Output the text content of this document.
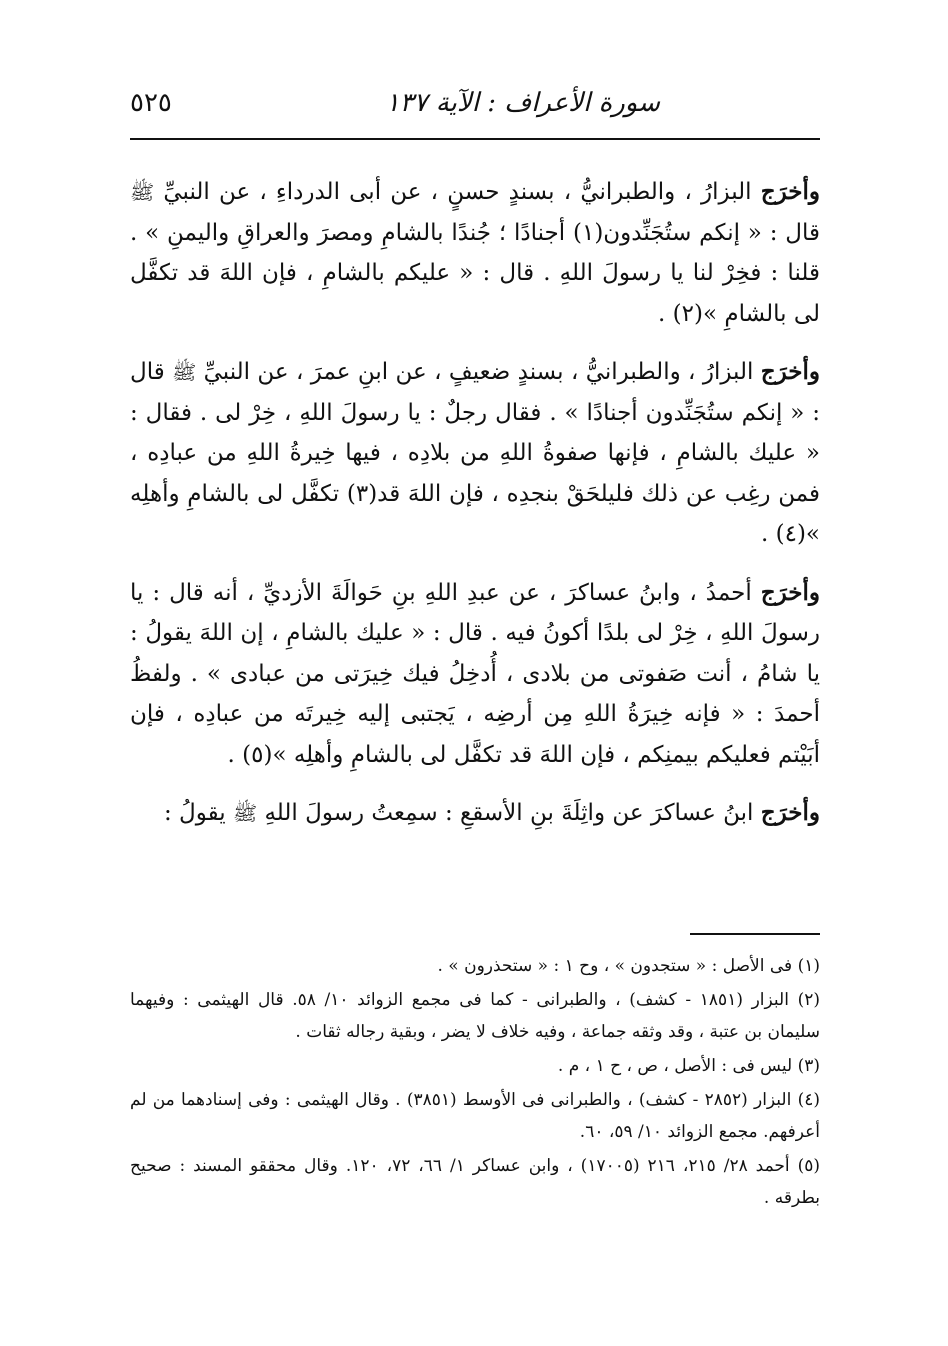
سورة الأعراف : الآية ١٣٧
٥٢٥

وأخرَج البزارُ ، والطبرانيُّ ، بسندٍ حسنٍ ، عن أبى الدرداءِ ، عن النبيِّ ﷺ قال : « إنكم ستُجَنِّدون(١) أجنادًا ؛ جُندًا بالشامِ ومصرَ والعراقِ واليمنِ » . قلنا : فخِرْ لنا يا رسولَ اللهِ . قال : « عليكم بالشامِ ، فإن اللهَ قد تكفَّل لى بالشامِ »(٢) .

وأخرَج البزارُ ، والطبرانيُّ ، بسندٍ ضعيفٍ ، عن ابنِ عمرَ ، عن النبيِّ ﷺ قال : « إنكم ستُجَنِّدون أجنادًا » . فقال رجلٌ : يا رسولَ اللهِ ، خِرْ لى . فقال : « عليك بالشامِ ، فإنها صفوةُ اللهِ من بلادِه ، فيها خِيرةُ اللهِ من عبادِه ، فمن رغِب عن ذلك فليلحَقْ بنجدِه ، فإن اللهَ قد(٣) تكفَّل لى بالشامِ وأهلِه »(٤) .

وأخرَج أحمدُ ، وابنُ عساكرَ ، عن عبدِ اللهِ بنِ حَوالَةَ الأزديِّ ، أنه قال : يا رسولَ اللهِ ، خِرْ لى بلدًا أكونُ فيه . قال : « عليك بالشامِ ، إن اللهَ يقولُ : يا شامُ ، أنت صَفوتى من بلادى ، أُدخِلُ فيك خِيرَتى من عبادى » . ولفظُ أحمدَ : « فإنه خِيرَةُ اللهِ مِن أرضِه ، يَجتبى إليه خِيرتَه من عبادِه ، فإن أبَيْتم فعليكم بيمنِكم ، فإن اللهَ قد تكفَّل لى بالشامِ وأهلِه »(٥) .

وأخرَج ابنُ عساكرَ عن واثِلَةَ بنِ الأسقعِ : سمِعتُ رسولَ اللهِ ﷺ يقولُ :

(١) فى الأصل : « ستجدون » ، وح ١ : « ستحذرون » .

(٢) البزار (١٨٥١ - كشف) ، والطبرانى - كما فى مجمع الزوائد ١٠/ ٥٨. قال الهيثمى : وفيهما سليمان بن عتبة ، وقد وثقه جماعة ، وفيه خلاف لا يضر ، وبقية رجاله ثقات .

(٣) ليس فى : الأصل ، ص ، ح ١ ، م .

(٤) البزار (٢٨٥٢ - كشف) ، والطبرانى فى الأوسط (٣٨٥١) . وقال الهيثمى : وفى إسنادهما من لم أعرفهم. مجمع الزوائد ١٠/ ٥٩، ٦٠.

(٥) أحمد ٢٨/ ٢١٥، ٢١٦ (١٧٠٠٥) ، وابن عساكر ١/ ٦٦، ٧٢، ١٢٠. وقال محققو المسند : صحيح بطرقه .
